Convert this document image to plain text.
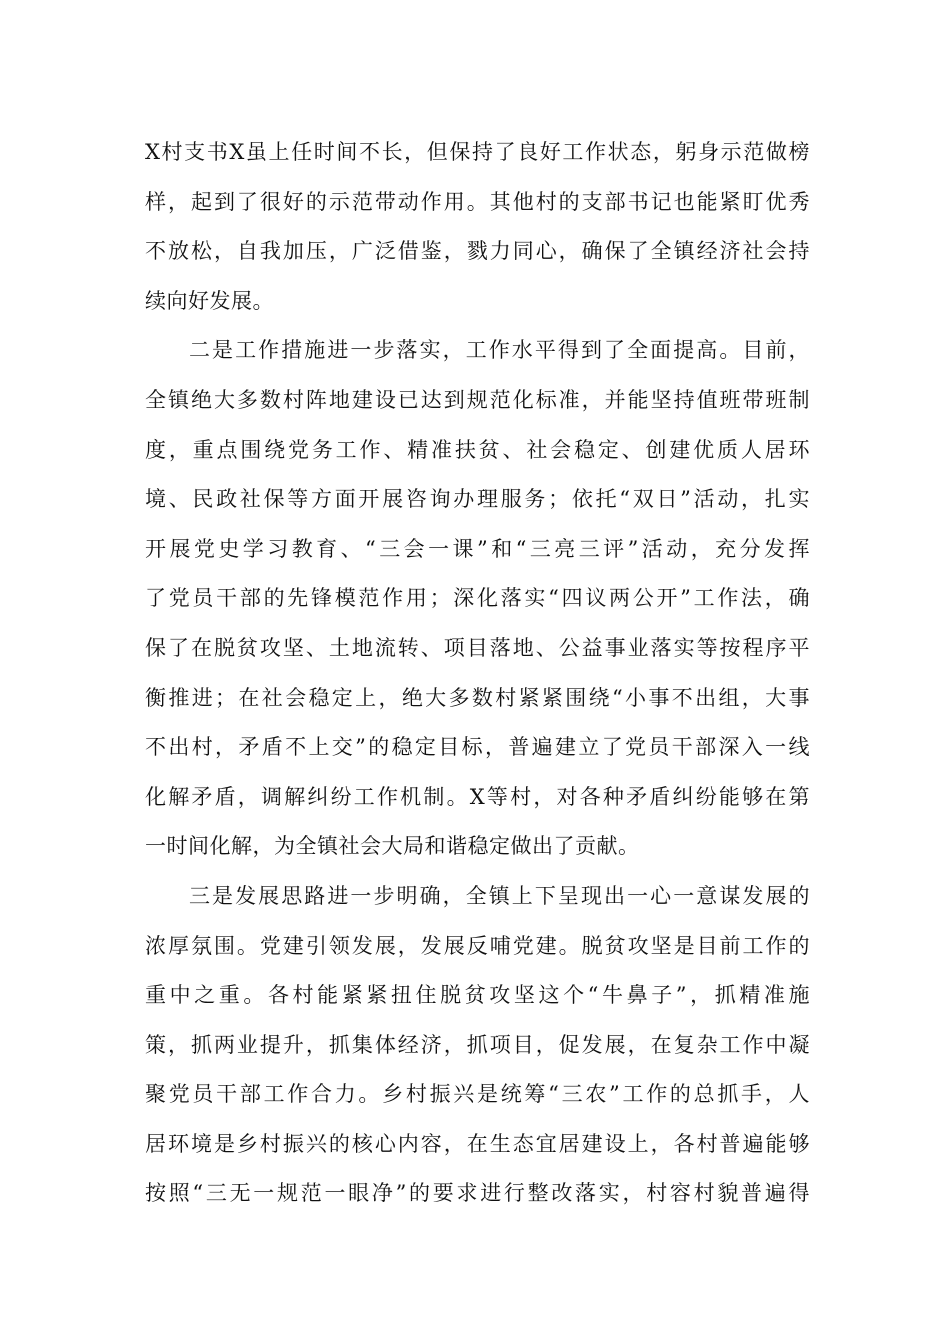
X村支书X虽上任时间不长，但保持了良好工作状态，躬身示范做榜
样，起到了很好的示范带动作用。其他村的支部书记也能紧盯优秀
不放松，自我加压，广泛借鉴，戮力同心，确保了全镇经济社会持
续向好发展。
二是工作措施进一步落实，工作水平得到了全面提高。目前，
全镇绝大多数村阵地建设已达到规范化标准，并能坚持值班带班制
度，重点围绕党务工作、精准扶贫、社会稳定、创建优质人居环
境、民政社保等方面开展咨询办理服务；依托“双日”活动，扎实
开展党史学习教育、“三会一课”和“三亮三评”活动，充分发挥
了党员干部的先锋模范作用；深化落实“四议两公开”工作法，确
保了在脱贫攻坚、土地流转、项目落地、公益事业落实等按程序平
衡推进；在社会稳定上，绝大多数村紧紧围绕“小事不出组，大事
不出村，矛盾不上交”的稳定目标，普遍建立了党员干部深入一线
化解矛盾，调解纠纷工作机制。X等村，对各种矛盾纠纷能够在第
一时间化解，为全镇社会大局和谐稳定做出了贡献。
三是发展思路进一步明确，全镇上下呈现出一心一意谋发展的
浓厚氛围。党建引领发展，发展反哺党建。脱贫攻坚是目前工作的
重中之重。各村能紧紧扭住脱贫攻坚这个“牛鼻子”，抓精准施
策，抓两业提升，抓集体经济，抓项目，促发展，在复杂工作中凝
聚党员干部工作合力。乡村振兴是统筹“三农”工作的总抓手，人
居环境是乡村振兴的核心内容，在生态宜居建设上，各村普遍能够
按照“三无一规范一眼净”的要求进行整改落实，村容村貌普遍得
